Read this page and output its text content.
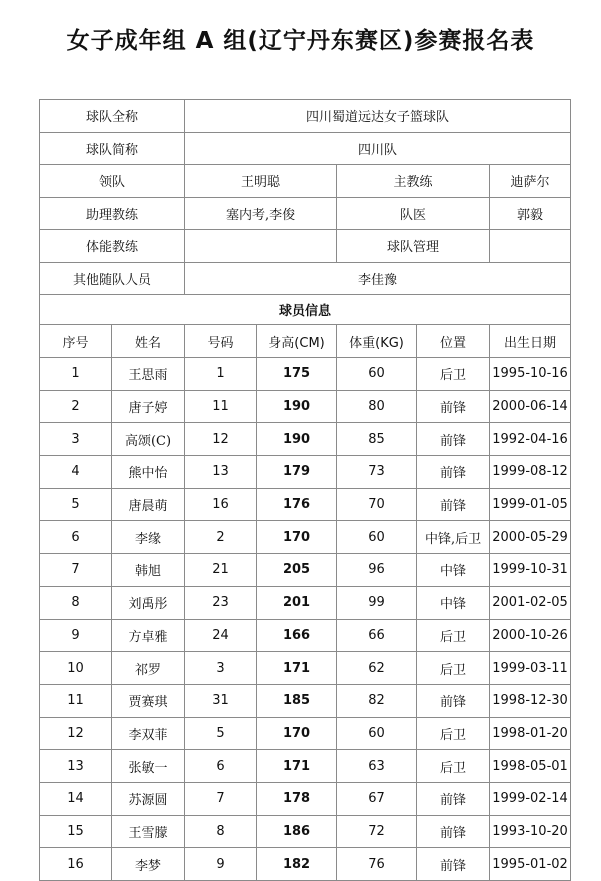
女子成年组 A 组(辽宁丹东赛区)参赛报名表
球队全称		四川蜀道远达女子篮球队				
球队简称		四川队				
领队		王明聪		主教练		迪萨尔
助理教练		塞内考,李俊		队医		郭毅
体能教练				球队管理		
其他随队人员		李佳豫				
球员信息						
序号	姓名	号码	身高(CM)	体重(KG)	位置	出生日期
1	王思雨	1	175	60	后卫	1995-10-16
2	唐子婷	11	190	80	前锋	2000-06-14
3	高颂(C)	12	190	85	前锋	1992-04-16
4	熊中怡	13	179	73	前锋	1999-08-12
5	唐晨萌	16	176	70	前锋	1999-01-05
6	李缘	2	170	60	中锋,后卫	2000-05-29
7	韩旭	21	205	96	中锋	1999-10-31
8	刘禹彤	23	201	99	中锋	2001-02-05
9	方卓雅	24	166	66	后卫	2000-10-26
10	祁罗	3	171	62	后卫	1999-03-11
11	贾赛琪	31	185	82	前锋	1998-12-30
12	李双菲	5	170	60	后卫	1998-01-20
13	张敏一	6	171	63	后卫	1998-05-01
14	苏源圆	7	178	67	前锋	1999-02-14
15	王雪朦	8	186	72	前锋	1993-10-20
16	李梦	9	182	76	前锋	1995-01-02
